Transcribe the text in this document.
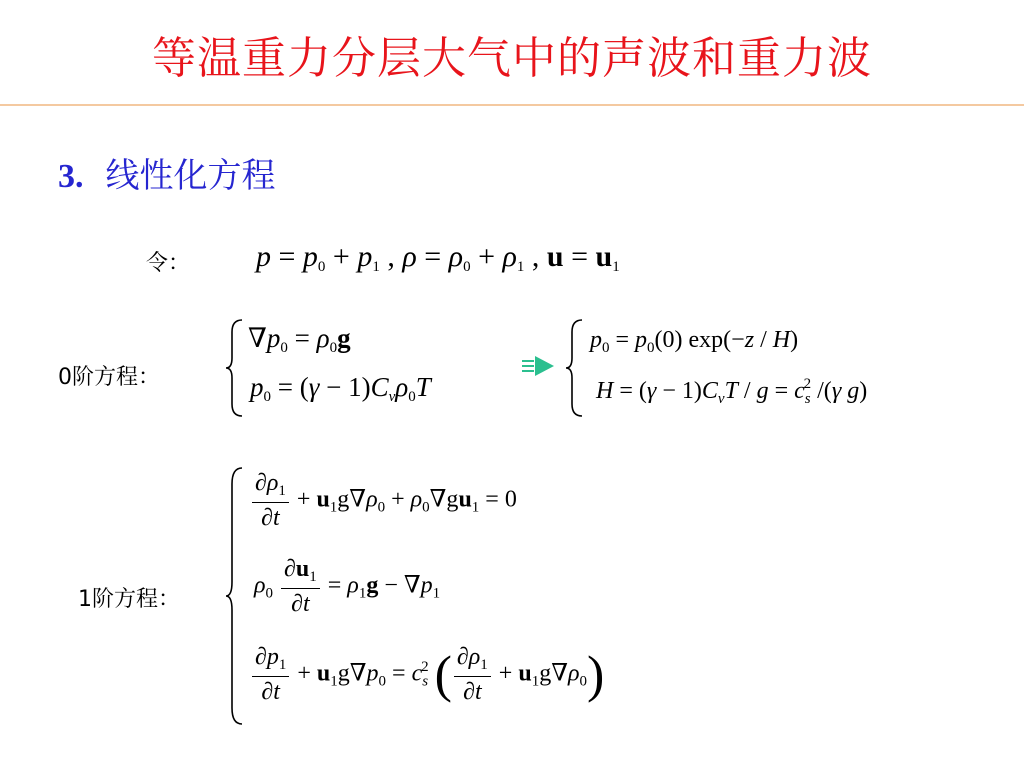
等温重力分层大气中的声波和重力波
3. 线性化方程
令： $p = p_0 + p_1$ , $\rho = \rho_0 + \rho_1$ , $u = u_1$
0阶方程：
$\nabla p_0 = \rho_0g$
$p_0 = (\gamma - 1)C_v\rho_0T$
$p_0 = p_0(0)$ exp(−z / H)
$H = (\gamma - 1)C_vT / g = c_s^2$ /(γ g)
1阶方程：
$\frac{\partial\rho_1}{\partial t} + u_1g\nabla\rho_0 + \rho_0\nabla gu_1 = 0$
$\rho_0 \frac{\partial u_1}{\partial t} = \rho_1g - \nabla p_1$
$\frac{\partial p_1}{\partial t} + u_1g\nabla p_0 = c_s^2$ ( $\frac{\partial\rho_1}{\partial t} + u_1g\nabla\rho_0$)
